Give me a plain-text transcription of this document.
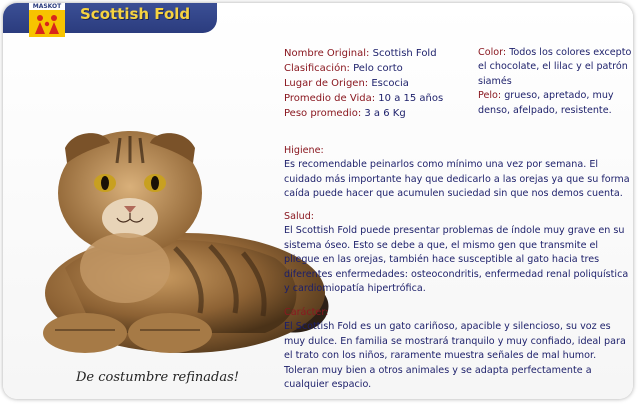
MASKOT Scottish Fold
De costumbre refinadas!
Nombre Original: Scottish Fold
Clasificación: Pelo corto
Lugar de Origen: Escocia
Promedio de Vida: 10 a 15 años
Peso promedio: 3 a 6 Kg
Color: Todos los colores excepto el chocolate, el lilac y el patrón siamés
Pelo: grueso, apretado, muy denso, afelpado, resistente.
Higiene:
Es recomendable peinarlos como mínimo una vez por semana. El cuidado más importante hay que dedicarlo a las orejas ya que su forma caída puede hacer que acumulen suciedad sin que nos demos cuenta.
Salud:
El Scottish Fold puede presentar problemas de índole muy grave en su sistema óseo. Esto se debe a que, el mismo gen que transmite el pliegue en las orejas, también hace susceptible al gato hacia tres diferentes enfermedades: osteocondritis, enfermedad renal poliquística y cardiomiopatía hipertrófica.
Carácter:
El Scottish Fold es un gato cariñoso, apacible y silencioso, su voz es muy dulce. En familia se mostrará tranquilo y muy confiado, ideal para el trato con los niños, raramente muestra señales de mal humor. Toleran muy bien a otros animales y se adapta perfectamente a cualquier espacio.
